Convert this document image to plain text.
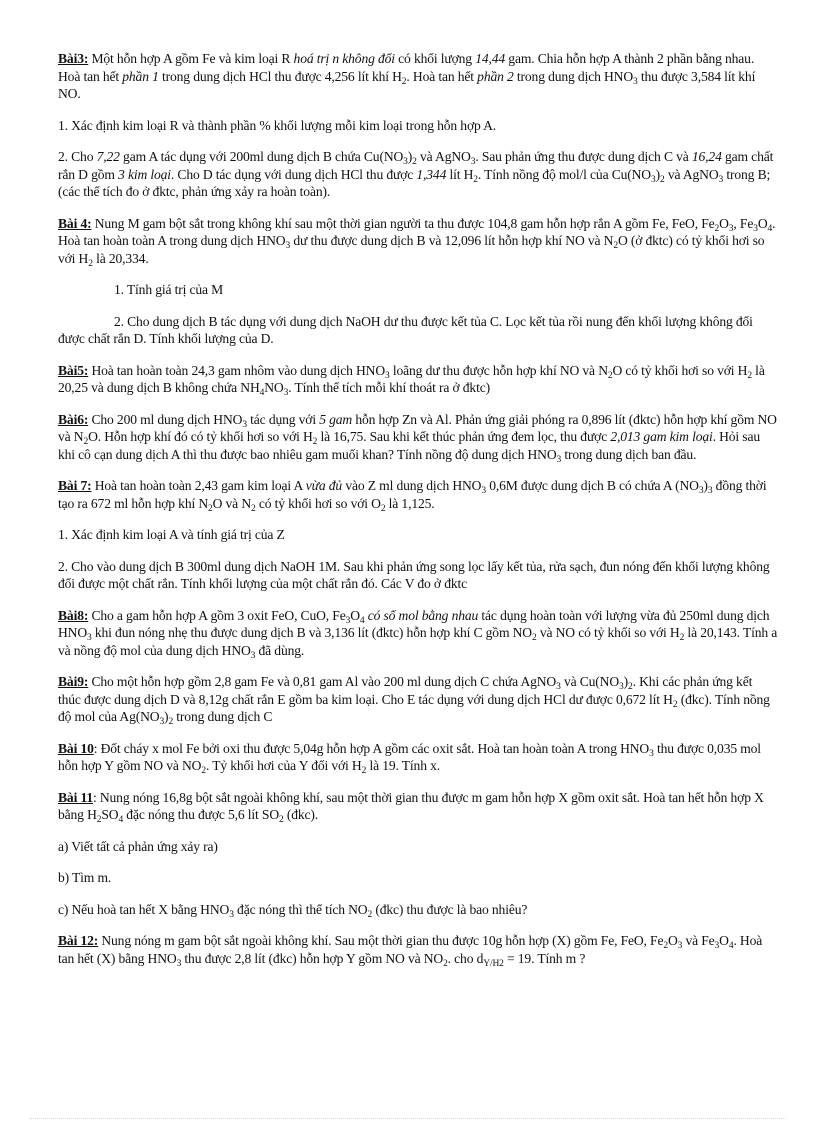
Bài3: Một hỗn hợp A gồm Fe và kim loại R hoá trị n không đổi có khối lượng 14,44 gam. Chia hỗn hợp A thành 2 phần bằng nhau. Hoà tan hết phần 1 trong dung dịch HCl thu được 4,256 lít khí $H_2$. Hoà tan hết phần 2 trong dung dịch $HNO_3$ thu được 3,584 lít khí NO.

1. Xác định kim loại R và thành phần % khối lượng mỗi kim loại trong hỗn hợp A.

2. Cho 7,22 gam A tác dụng với 200ml dung dịch B chứa $Cu(NO_3)_2$ và AgNO$_3$. Sau phản ứng thu được dung dịch C và 16,24 gam chất rắn D gồm 3 kim loại. Cho D tác dụng với dung dịch HCl thu được 1,344 lít $H_2$. Tính nồng độ mol/l của $Cu(NO_3)_2$ và AgNO$_3$ trong B; (các thể tích đo ở đktc, phản ứng xảy ra hoàn toàn).

Bài 4: Nung M gam bột sắt trong không khí sau một thời gian người ta thu được 104,8 gam hỗn hợp rắn A gồm Fe, FeO, $Fe_2O_3$, $Fe_3O_4$. Hoà tan hoàn toàn A trong dung dịch $HNO_3$ dư thu được dung dịch B và 12,096 lít hỗn hợp khí NO và $N_2O$ (ở đktc) có tỷ khối hơi so với $H_2$ là 20,334.

1. Tính giá trị của M

2. Cho dung dịch B tác dụng với dung dịch NaOH dư thu được kết tủa C. Lọc kết tủa rồi nung đến khối lượng không đổi được chất rắn D. Tính khối lượng của D.

Bài5: Hoà tan hoàn toàn 24,3 gam nhôm vào dung dịch $HNO_3$ loãng dư thu được hỗn hợp khí NO và $N_2O$ có tỷ khối hơi so với $H_2$ là 20,25 và dung dịch B không chứa $NH_4NO_3$. Tính thể tích mỗi khí thoát ra ở đktc)

Bài6: Cho 200 ml dung dịch $HNO_3$ tác dụng với 5 gam hỗn hợp Zn và Al. Phản ứng giải phóng ra 0,896 lít (đktc) hỗn hợp khí gồm NO và $N_2O$. Hỗn hợp khí đó có tỷ khối hơi so với $H_2$ là 16,75. Sau khi kết thúc phản ứng đem lọc, thu được 2,013 gam kim loại. Hỏi sau khi cô cạn dung dịch A thì thu được bao nhiêu gam muối khan? Tính nồng độ dung dịch $HNO_3$ trong dung dịch ban đầu.

Bài 7: Hoà tan hoàn toàn 2,43 gam kim loại A vừa đủ vào Z ml dung dịch $HNO_3$ 0,6M được dung dịch B có chứa A $(NO_3)_3$ đồng thời tạo ra 672 ml hỗn hợp khí $N_2O$ và $N_2$ có tỷ khối hơi so với $O_2$ là 1,125.

1. Xác định kim loại A và tính giá trị của Z

2. Cho vào dung dịch B 300ml dung dịch NaOH 1M. Sau khi phản ứng song lọc lấy kết tủa, rửa sạch, đun nóng đến khối lượng không đổi được một chất rắn. Tính khối lượng của một chất rắn đó. Các V đo ở đktc

Bài8: Cho a gam hỗn hợp A gồm 3 oxit FeO, CuO, $Fe_3O_4$ có số mol bằng nhau tác dụng hoàn toàn với lượng vừa đủ 250ml dung dịch $HNO_3$ khi đun nóng nhẹ thu được dung dịch B và 3,136 lít (đktc) hỗn hợp khí C gồm $NO_2$ và NO có tỷ khối so với $H_2$ là 20,143. Tính a và nồng độ mol của dung dịch $HNO_3$ đã dùng.

Bài9: Cho một hỗn hợp gồm 2,8 gam Fe và 0,81 gam Al vào 200 ml dung dịch C chứa AgNO$_3$ và $Cu(NO_3)_2$. Khi các phản ứng kết thúc được dung dịch D và 8,12g chất rắn E gồm ba kim loại. Cho E tác dụng với dung dịch HCl dư được 0,672 lít $H_2$ (đkc). Tính nồng độ mol của $Ag(NO_3)_2$ trong dung dịch C

Bài 10: Đốt cháy x mol Fe bởi oxi thu được 5,04g hỗn hợp A gồm các oxit sắt. Hoà tan hoàn toàn A trong $HNO_3$ thu được 0,035 mol hỗn hợp Y gồm NO và $NO_2$. Tỷ khối hơi của Y đối với $H_2$ là 19. Tính x.

Bài 11: Nung nóng 16,8g bột sắt ngoài không khí, sau một thời gian thu được m gam hỗn hợp X gồm oxit sắt. Hoà tan hết hỗn hợp X bằng $H_2SO_4$ đặc nóng thu được 5,6 lít $SO_2$ (đkc).

a) Viết tất cả phản ứng xảy ra)

b) Tìm m.

c) Nếu hoà tan hết X bằng $HNO_3$ đặc nóng thì thể tích $NO_2$ (đkc) thu được là bao nhiêu?

Bài 12: Nung nóng m gam bột sắt ngoài không khí. Sau một thời gian thu được 10g hỗn hợp (X) gồm Fe, FeO, $Fe_2O_3$ và $Fe_3O_4$. Hoà tan hết (X) bằng $HNO_3$ thu được 2,8 lít (đkc) hỗn hợp Y gồm NO và $NO_2$. cho $d_{Y/H2} = 19$. Tính m ?
